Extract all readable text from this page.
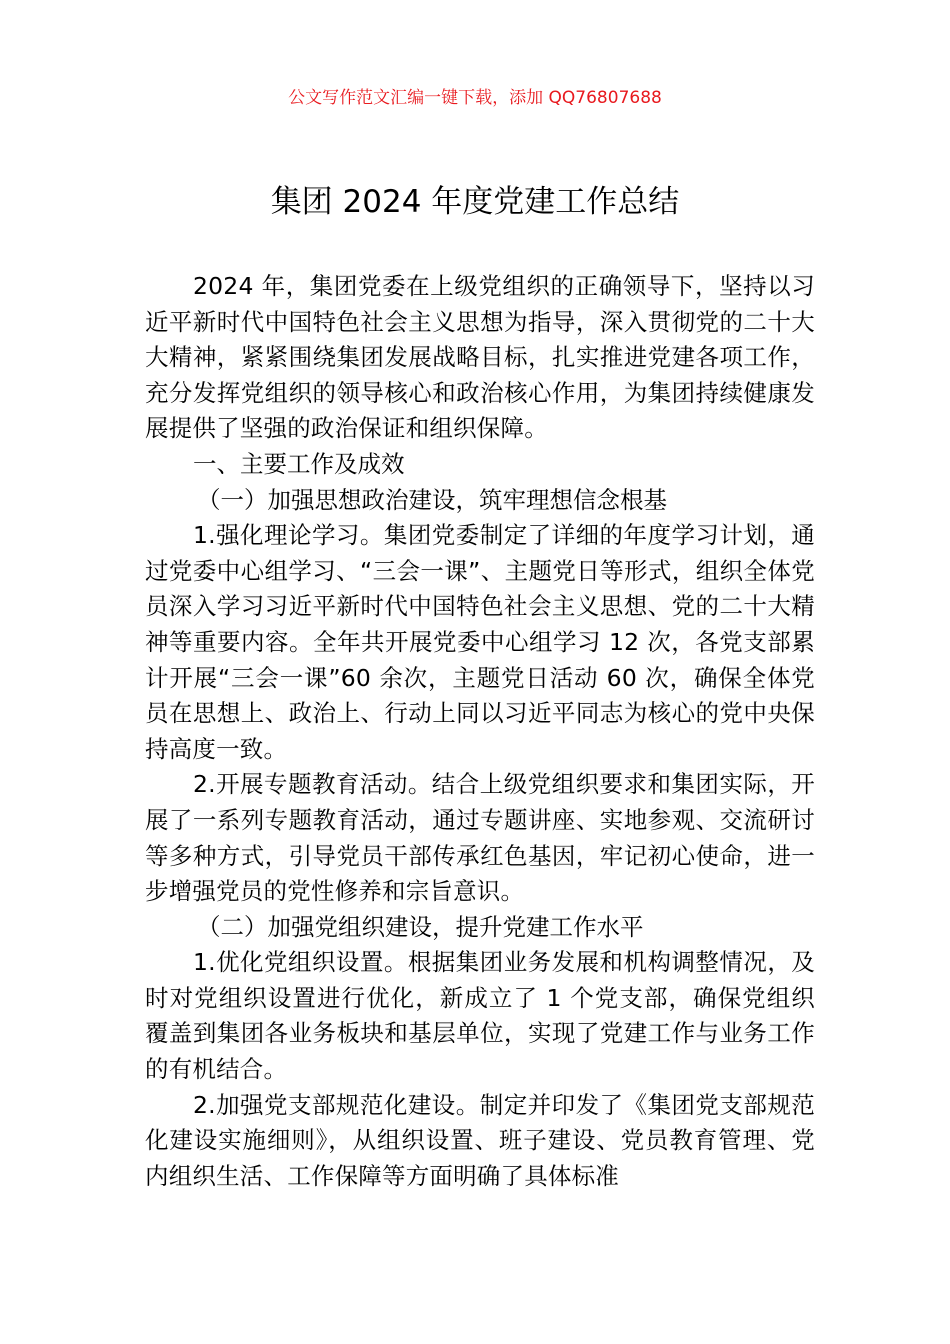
公文写作范文汇编一键下载，添加 QQ76807688
集团 2024 年度党建工作总结

2024 年，集团党委在上级党组织的正确领导下，坚持以习近平新时代中国特色社会主义思想为指导，深入贯彻党的二十大大精神，紧紧围绕集团发展战略目标，扎实推进党建各项工作，充分发挥党组织的领导核心和政治核心作用，为集团持续健康发展提供了坚强的政治保证和组织保障。

一、主要工作及成效

（一）加强思想政治建设，筑牢理想信念根基

1.强化理论学习。集团党委制定了详细的年度学习计划，通过党委中心组学习、“三会一课”、主题党日等形式，组织全体党员深入学习习近平新时代中国特色社会主义思想、党的二十大精神等重要内容。全年共开展党委中心组学习 12 次，各党支部累计开展“三会一课”60 余次，主题党日活动 60 次，确保全体党员在思想上、政治上、行动上同以习近平同志为核心的党中央保持高度一致。

2.开展专题教育活动。结合上级党组织要求和集团实际，开展了一系列专题教育活动，通过专题讲座、实地参观、交流研讨等多种方式，引导党员干部传承红色基因，牢记初心使命，进一步增强党员的党性修养和宗旨意识。

（二）加强党组织建设，提升党建工作水平

1.优化党组织设置。根据集团业务发展和机构调整情况，及时对党组织设置进行优化，新成立了 1 个党支部，确保党组织覆盖到集团各业务板块和基层单位，实现了党建工作与业务工作的有机结合。

2.加强党支部规范化建设。制定并印发了《集团党支部规范化建设实施细则》，从组织设置、班子建设、党员教育管理、党内组织生活、工作保障等方面明确了具体标准
